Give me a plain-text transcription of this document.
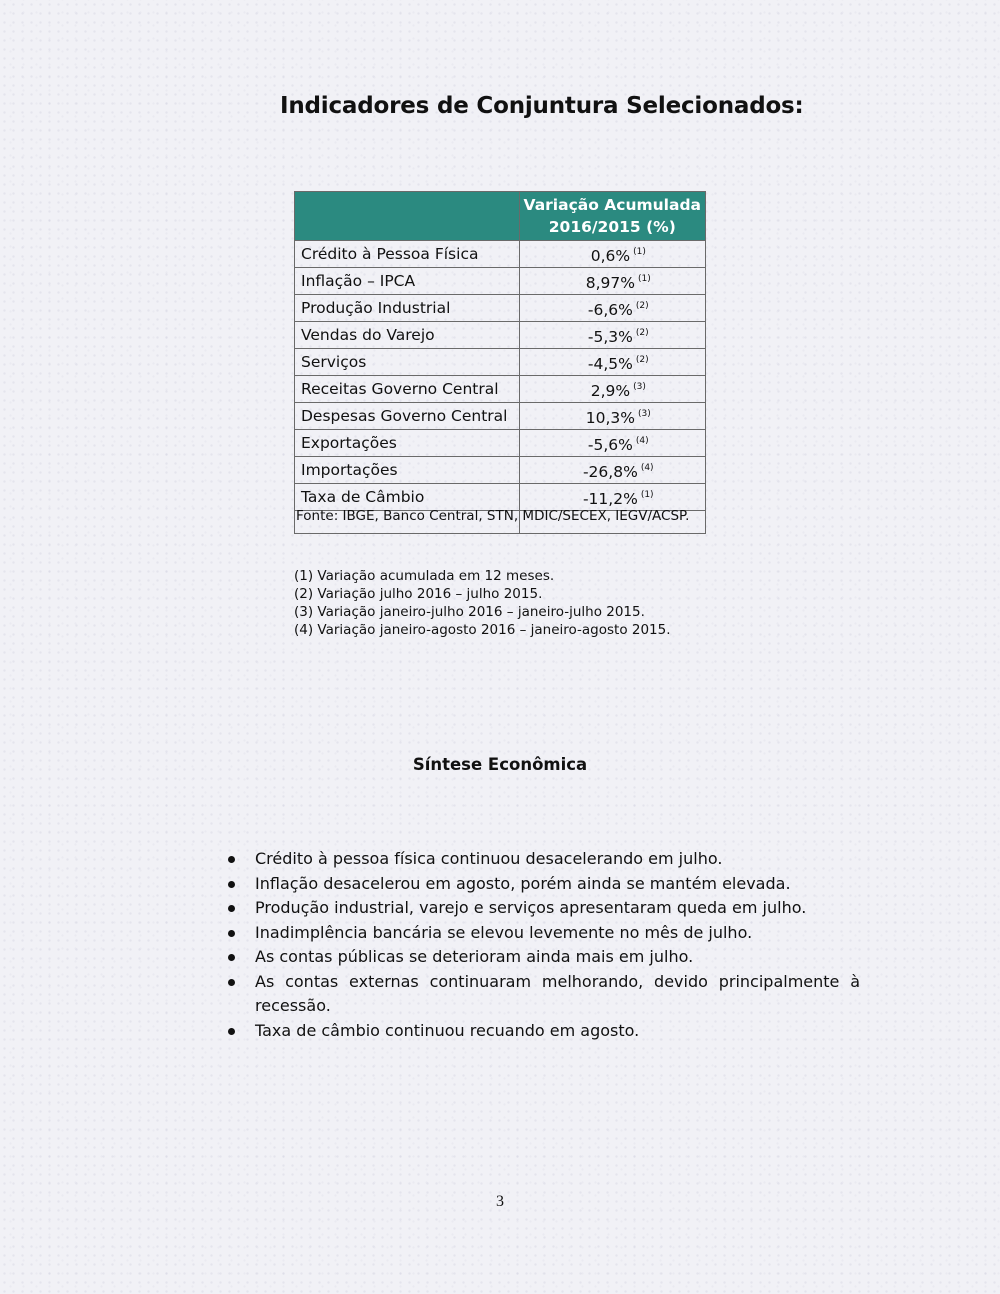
Indicadores de Conjuntura Selecionados:

	Variação Acumulada
2016/2015 (%)

Crédito à Pessoa Física	0,6% $^{(1)}$
Inflação – IPCA	8,97% $^{(1)}$
Produção Industrial	-6,6% $^{(2)}$
Vendas do Varejo	-5,3% $^{(2)}$
Serviços	-4,5% $^{(2)}$
Receitas Governo Central	2,9% $^{(3)}$
Despesas Governo Central	10,3% $^{(3)}$
Exportações	-5,6% $^{(4)}$
Importações	-26,8% $^{(4)}$
Taxa de Câmbio	-11,2% $^{(1)}$

Fonte: IBGE, Banco Central, STN, MDIC/SECEX, IEGV/ACSP.
(1) Variação acumulada em 12 meses.
(2) Variação julho 2016 – julho 2015.
(3) Variação janeiro-julho 2016 – janeiro-julho 2015.
(4) Variação janeiro-agosto 2016 – janeiro-agosto 2015.
Síntese Econômica
Crédito à pessoa física continuou desacelerando em julho.
Inflação desacelerou em agosto, porém ainda se mantém elevada.
Produção industrial, varejo e serviços apresentaram queda em julho.
Inadimplência bancária se elevou levemente no mês de julho.
As contas públicas se deterioram ainda mais em julho.
As contas externas continuaram melhorando, devido principalmente à recessão.
Taxa de câmbio continuou recuando em agosto.
3
